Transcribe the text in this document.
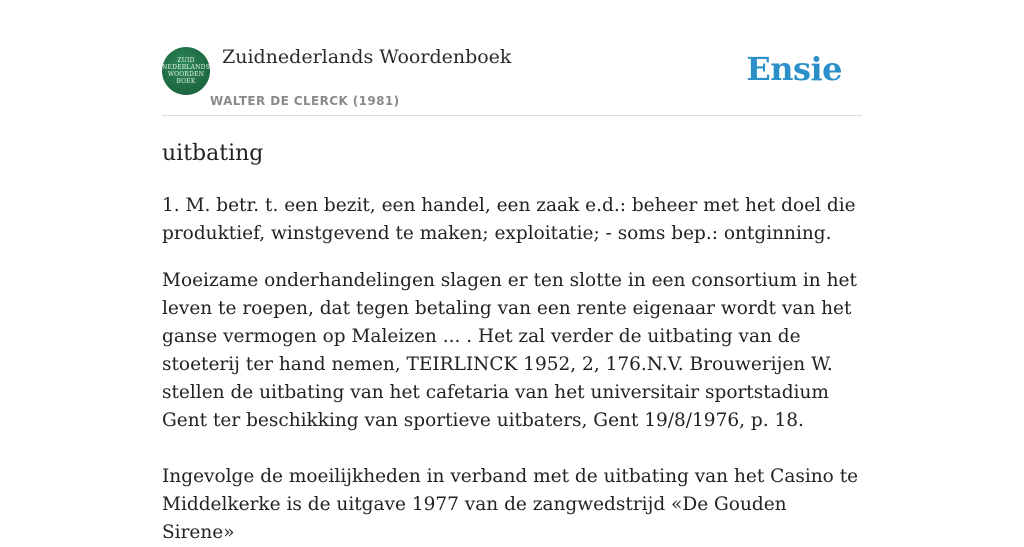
ZUID
NEDERLANDS
WOORDEN
BOEK
Zuidnederlands Woordenboek
WALTER DE CLERCK (1981)
Ensie
uitbating

1. M. betr. t. een bezit, een handel, een zaak e.d.: beheer met het doel die produktief, winstgevend te maken; exploitatie; - soms bep.: ontginning.

Moeizame onderhandelingen slagen er ten slotte in een consortium in het leven te roepen, dat tegen betaling van een rente eigenaar wordt van het ganse vermogen op Maleizen ... . Het zal verder de uitbating van de stoeterij ter hand nemen, TEIRLINCK 1952, 2, 176.N.V. Brouwerijen W. stellen de uitbating van het cafetaria van het universitair sportstadium Gent ter beschikking van sportieve uitbaters, Gent 19/8/1976, p. 18.

Ingevolge de moeilijkheden in verband met de uitbating van het Casino te Middelkerke is de uitgave 1977 van de zangwedstrijd «De Gouden Sirene»
